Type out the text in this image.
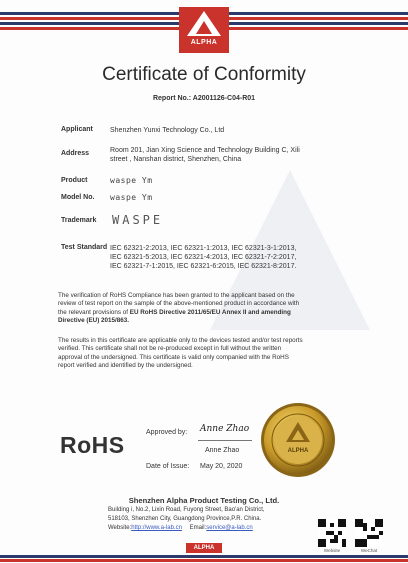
ALPHA
Certificate of Conformity
Report No.: A2001126-C04-R01
Applicant Shenzhen Yunxi Technology Co., Ltd
Address	Room 201, Jian Xing Science and Technology Building C, Xili
street , Nanshan district, Shenzhen, China
Product	waspe Ym
Model No. waspe Ym
Trademark WASPE
Test Standard IEC 62321-2:2013, IEC 62321-1:2013, IEC 62321-3-1:2013,
IEC 62321-5:2013, IEC 62321-4:2013, IEC 62321-7-2:2017,
IEC 62321-7-1:2015, IEC 62321-6:2015, IEC 62321-8:2017.
The verification of RoHS Compliance has been granted to the applicant based on the
review of test report on the sample of the above-mentioned product in accordance with
the relevant provisions of EU RoHS Directive 2011/65/EU Annex II and amending
Directive (EU) 2015/863.
The results in this certificate are applicable only to the devices tested and/or test reports
verified. This certificate shall not be re-produced except in full without the written
approval of the undersigned. This certificate is valid only companied with the RoHS
report verified and identified by the undersigned.
RoHS	Approved by: Anne Zhao
Anne Zhao
Date of Issue: May 20, 2020
ALPHA
Shenzhen Alpha Product Testing Co., Ltd.
Building i, No.2, Lixin Road, Fuyong Street, Bao'an District,
518103, Shenzhen City, Guangdong Province,P.R. China.
Website:http://www.a-lab.cn Email:service@a-lab.cn
Website	WeChat
ALPHA
